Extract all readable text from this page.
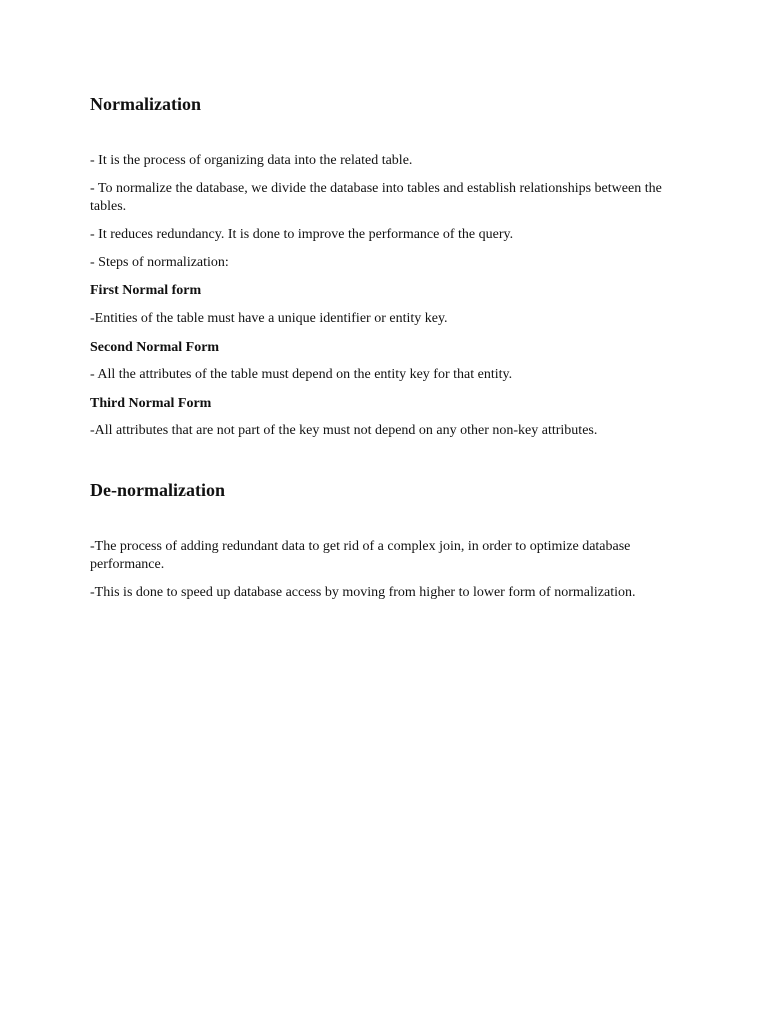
Normalization

- It is the process of organizing data into the related table.

- To normalize the database, we divide the database into tables and establish relationships between the tables.

- It reduces redundancy. It is done to improve the performance of the query.

- Steps of normalization:

First Normal form

-Entities of the table must have a unique identifier or entity key.

Second Normal Form

- All the attributes of the table must depend on the entity key for that entity.

Third Normal Form

-All attributes that are not part of the key must not depend on any other non-key attributes.

De-normalization

-The process of adding redundant data to get rid of a complex join, in order to optimize database performance.

-This is done to speed up database access by moving from higher to lower form of normalization.
